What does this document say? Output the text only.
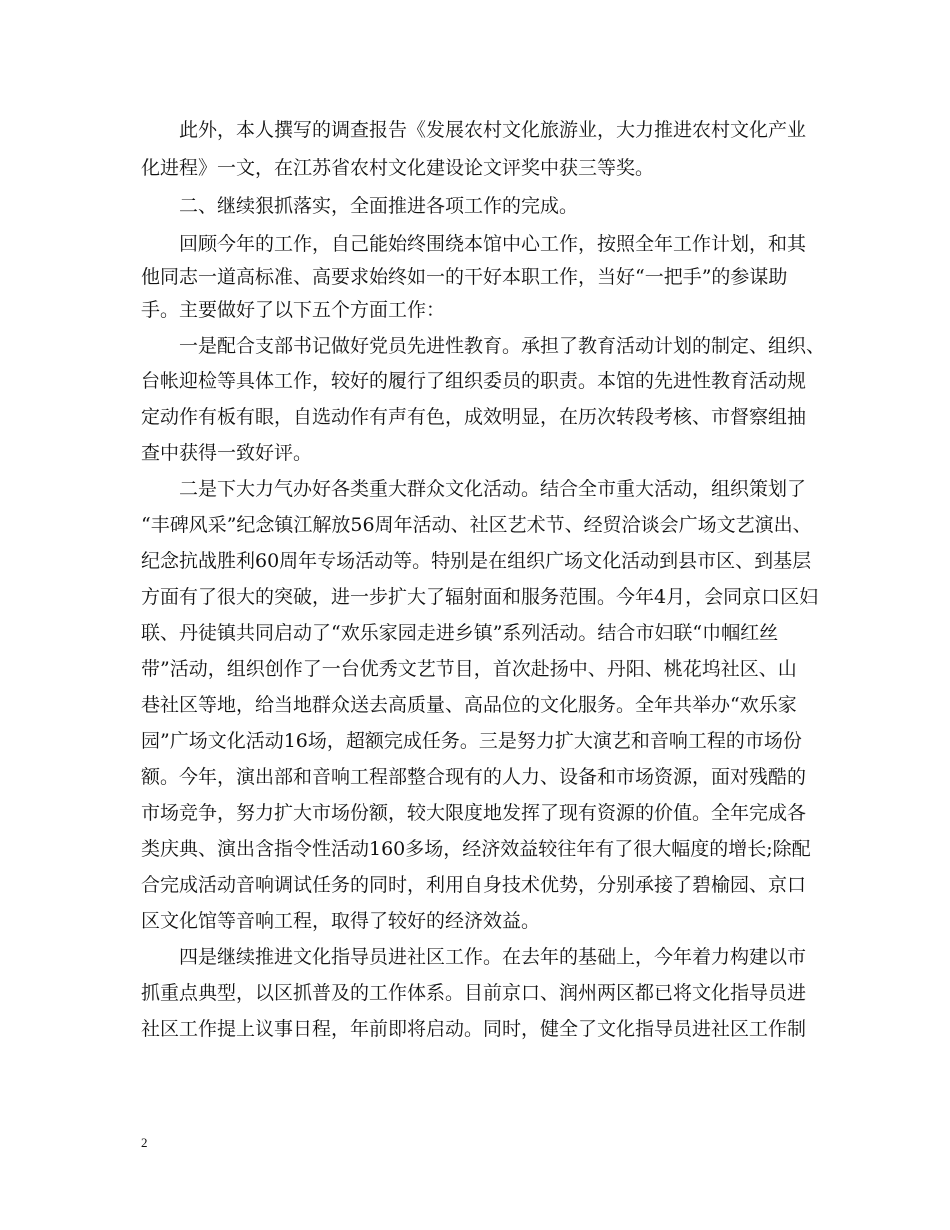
此外，本人撰写的调查报告《发展农村文化旅游业，大力推进农村文化产业
化进程》一文，在江苏省农村文化建设论文评奖中获三等奖。
二、继续狠抓落实，全面推进各项工作的完成。
回顾今年的工作，自己能始终围绕本馆中心工作，按照全年工作计划，和其
他同志一道高标准、高要求始终如一的干好本职工作，当好“一把手”的参谋助
手。主要做好了以下五个方面工作：
一是配合支部书记做好党员先进性教育。承担了教育活动计划的制定、组织、
台帐迎检等具体工作，较好的履行了组织委员的职责。本馆的先进性教育活动规
定动作有板有眼，自选动作有声有色，成效明显，在历次转段考核、市督察组抽
查中获得一致好评。
二是下大力气办好各类重大群众文化活动。结合全市重大活动，组织策划了
“丰碑风采”纪念镇江解放56周年活动、社区艺术节、经贸洽谈会广场文艺演出、
纪念抗战胜利60周年专场活动等。特别是在组织广场文化活动到县市区、到基层
方面有了很大的突破，进一步扩大了辐射面和服务范围。今年4月，会同京口区妇
联、丹徒镇共同启动了“欢乐家园走进乡镇”系列活动。结合市妇联“巾帼红丝
带”活动，组织创作了一台优秀文艺节目，首次赴扬中、丹阳、桃花坞社区、山
巷社区等地，给当地群众送去高质量、高品位的文化服务。全年共举办“欢乐家
园”广场文化活动16场，超额完成任务。三是努力扩大演艺和音响工程的市场份
额。今年，演出部和音响工程部整合现有的人力、设备和市场资源，面对残酷的
市场竞争，努力扩大市场份额，较大限度地发挥了现有资源的价值。全年完成各
类庆典、演出含指令性活动160多场，经济效益较往年有了很大幅度的增长;除配
合完成活动音响调试任务的同时，利用自身技术优势，分别承接了碧榆园、京口
区文化馆等音响工程，取得了较好的经济效益。
四是继续推进文化指导员进社区工作。在去年的基础上，今年着力构建以市
抓重点典型，以区抓普及的工作体系。目前京口、润州两区都已将文化指导员进
社区工作提上议事日程，年前即将启动。同时，健全了文化指导员进社区工作制
2
